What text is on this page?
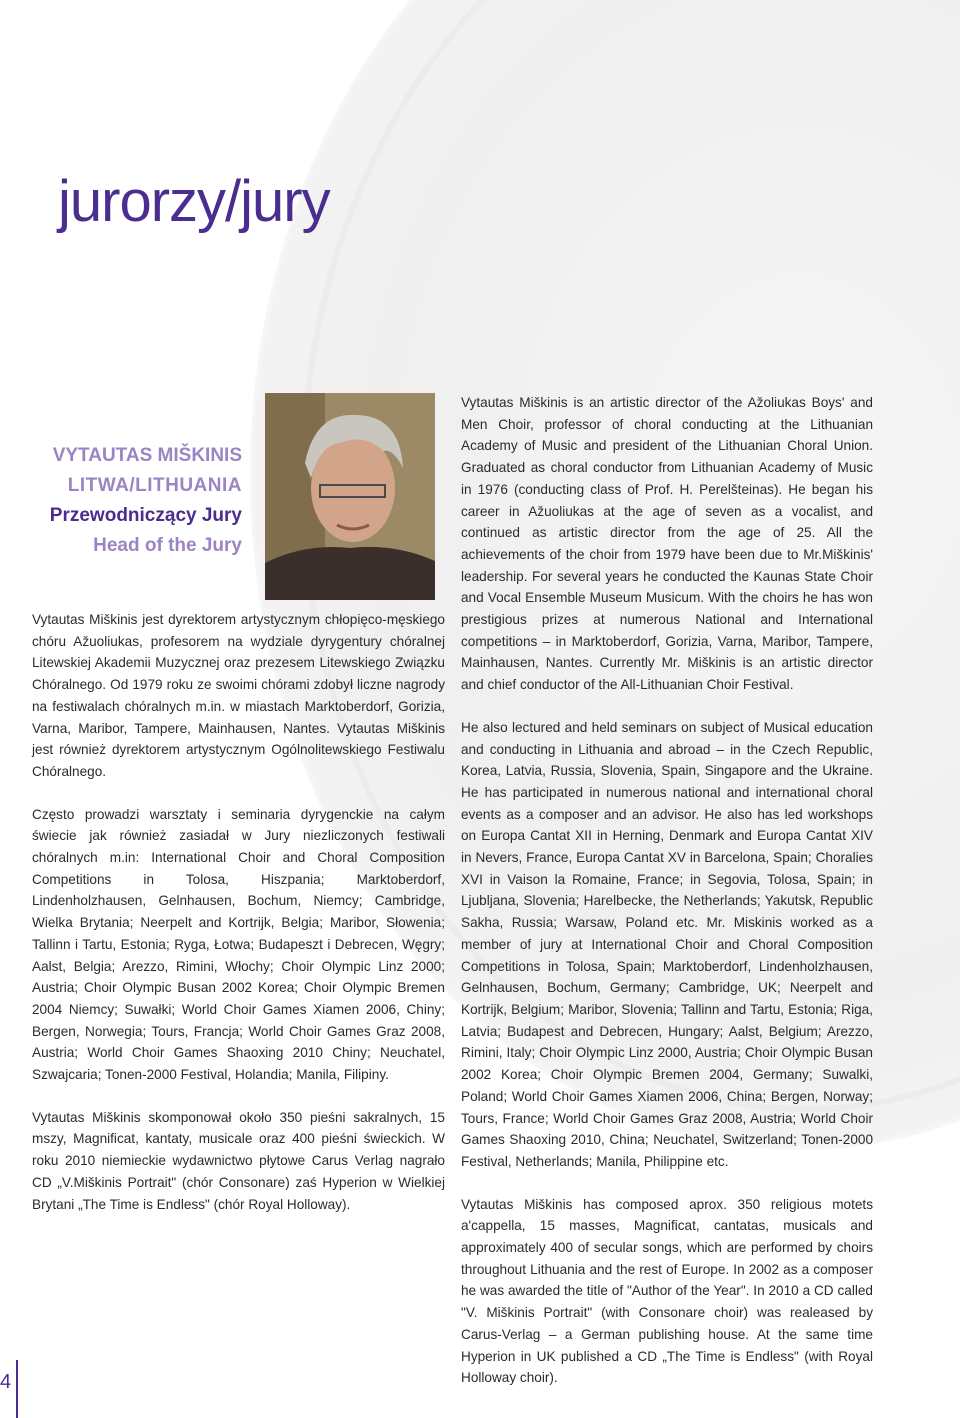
jurorzy/jury
VYTAUTAS MIŠKINIS
LITWA/LITHUANIA
Przewodniczący Jury
Head of the Jury

Vytautas Miškinis jest dyrektorem artystycznym chłopięco-męskiego chóru Ažuoliukas, profesorem na wydziale dyrygentury chóralnej Litewskiej Akademii Muzycznej oraz prezesem Litewskiego Związku Chóralnego. Od 1979 roku ze swoimi chórami zdobył liczne nagrody na festiwalach chóralnych m.in. w miastach Marktoberdorf, Gorizia, Varna, Maribor, Tampere, Mainhausen, Nantes. Vytautas Miškinis jest również dyrektorem artystycznym Ogólnolitewskiego Festiwalu Chóralnego.

Często prowadzi warsztaty i seminaria dyrygenckie na całym świecie jak również zasiadał w Jury niezliczonych festiwali chóralnych m.in: International Choir and Choral Composition Competitions in Tolosa, Hiszpania; Marktoberdorf, Lindenholzhausen, Gelnhausen, Bochum, Niemcy; Cambridge, Wielka Brytania; Neerpelt and Kortrijk, Belgia; Maribor, Słowenia; Tallinn i Tartu, Estonia; Ryga, Łotwa; Budapeszt i Debrecen, Węgry; Aalst, Belgia; Arezzo, Rimini, Włochy; Choir Olympic Linz 2000; Austria; Choir Olympic Busan 2002 Korea; Choir Olympic Bremen 2004 Niemcy; Suwałki; World Choir Games Xiamen 2006, Chiny; Bergen, Norwegia; Tours, Francja; World Choir Games Graz 2008, Austria; World Choir Games Shaoxing 2010 Chiny; Neuchatel, Szwajcaria; Tonen-2000 Festival, Holandia; Manila, Filipiny.

Vytautas Miškinis skomponował około 350 pieśni sakralnych, 15 mszy, Magnificat, kantaty, musicale oraz 400 pieśni świeckich. W roku 2010 niemieckie wydawnictwo płytowe Carus Verlag nagrało CD „V.Miškinis Portrait" (chór Consonare) zaś Hyperion w Wielkiej Brytani „The Time is Endless" (chór Royal Holloway).

Vytautas Miškinis is an artistic director of the Ažoliukas Boys' and Men Choir, professor of choral conducting at the Lithuanian Academy of Music and president of the Lithuanian Choral Union. Graduated as choral conductor from Lithuanian Academy of Music in 1976 (conducting class of Prof. H. Perelšteinas). He began his career in Ažuoliukas at the age of seven as a vocalist, and continued as artistic director from the age of 25. All the achievements of the choir from 1979 have been due to Mr.Miškinis' leadership. For several years he conducted the Kaunas State Choir and Vocal Ensemble Museum Musicum. With the choirs he has won prestigious prizes at numerous National and International competitions – in Marktoberdorf, Gorizia, Varna, Maribor, Tampere, Mainhausen, Nantes. Currently Mr. Miškinis is an artistic director and chief conductor of the All-Lithuanian Choir Festival.

He also lectured and held seminars on subject of Musical education and conducting in Lithuania and abroad – in the Czech Republic, Korea, Latvia, Russia, Slovenia, Spain, Singapore and the Ukraine. He has participated in numerous national and international choral events as a composer and an advisor. He also has led workshops on Europa Cantat XII in Herning, Denmark and Europa Cantat XIV in Nevers, France, Europa Cantat XV in Barcelona, Spain; Choralies XVI in Vaison la Romaine, France; in Segovia, Tolosa, Spain; in Ljubljana, Slovenia; Harelbecke, the Netherlands; Yakutsk, Republic Sakha, Russia; Warsaw, Poland etc. Mr. Miskinis worked as a member of jury at International Choir and Choral Composition Competitions in Tolosa, Spain; Marktoberdorf, Lindenholzhausen, Gelnhausen, Bochum, Germany; Cambridge, UK; Neerpelt and Kortrijk, Belgium; Maribor, Slovenia; Tallinn and Tartu, Estonia; Riga, Latvia; Budapest and Debrecen, Hungary; Aalst, Belgium; Arezzo, Rimini, Italy; Choir Olympic Linz 2000, Austria; Choir Olympic Busan 2002 Korea; Choir Olympic Bremen 2004, Germany; Suwalki, Poland; World Choir Games Xiamen 2006, China; Bergen, Norway; Tours, France; World Choir Games Graz 2008, Austria; World Choir Games Shaoxing 2010, China; Neuchatel, Switzerland; Tonen-2000 Festival, Netherlands; Manila, Philippine etc.

Vytautas Miškinis has composed aprox. 350 religious motets a'cappella, 15 masses, Magnificat, cantatas, musicals and approximately 400 of secular songs, which are performed by choirs throughout Lithuania and the rest of Europe. In 2002 as a composer he was awarded the title of "Author of the Year". In 2010 a CD called "V. Miškinis Portrait" (with Consonare choir) was realeased by Carus-Verlag – a German publishing house. At the same time Hyperion in UK published a CD „The Time is Endless" (with Royal Holloway choir).

4
